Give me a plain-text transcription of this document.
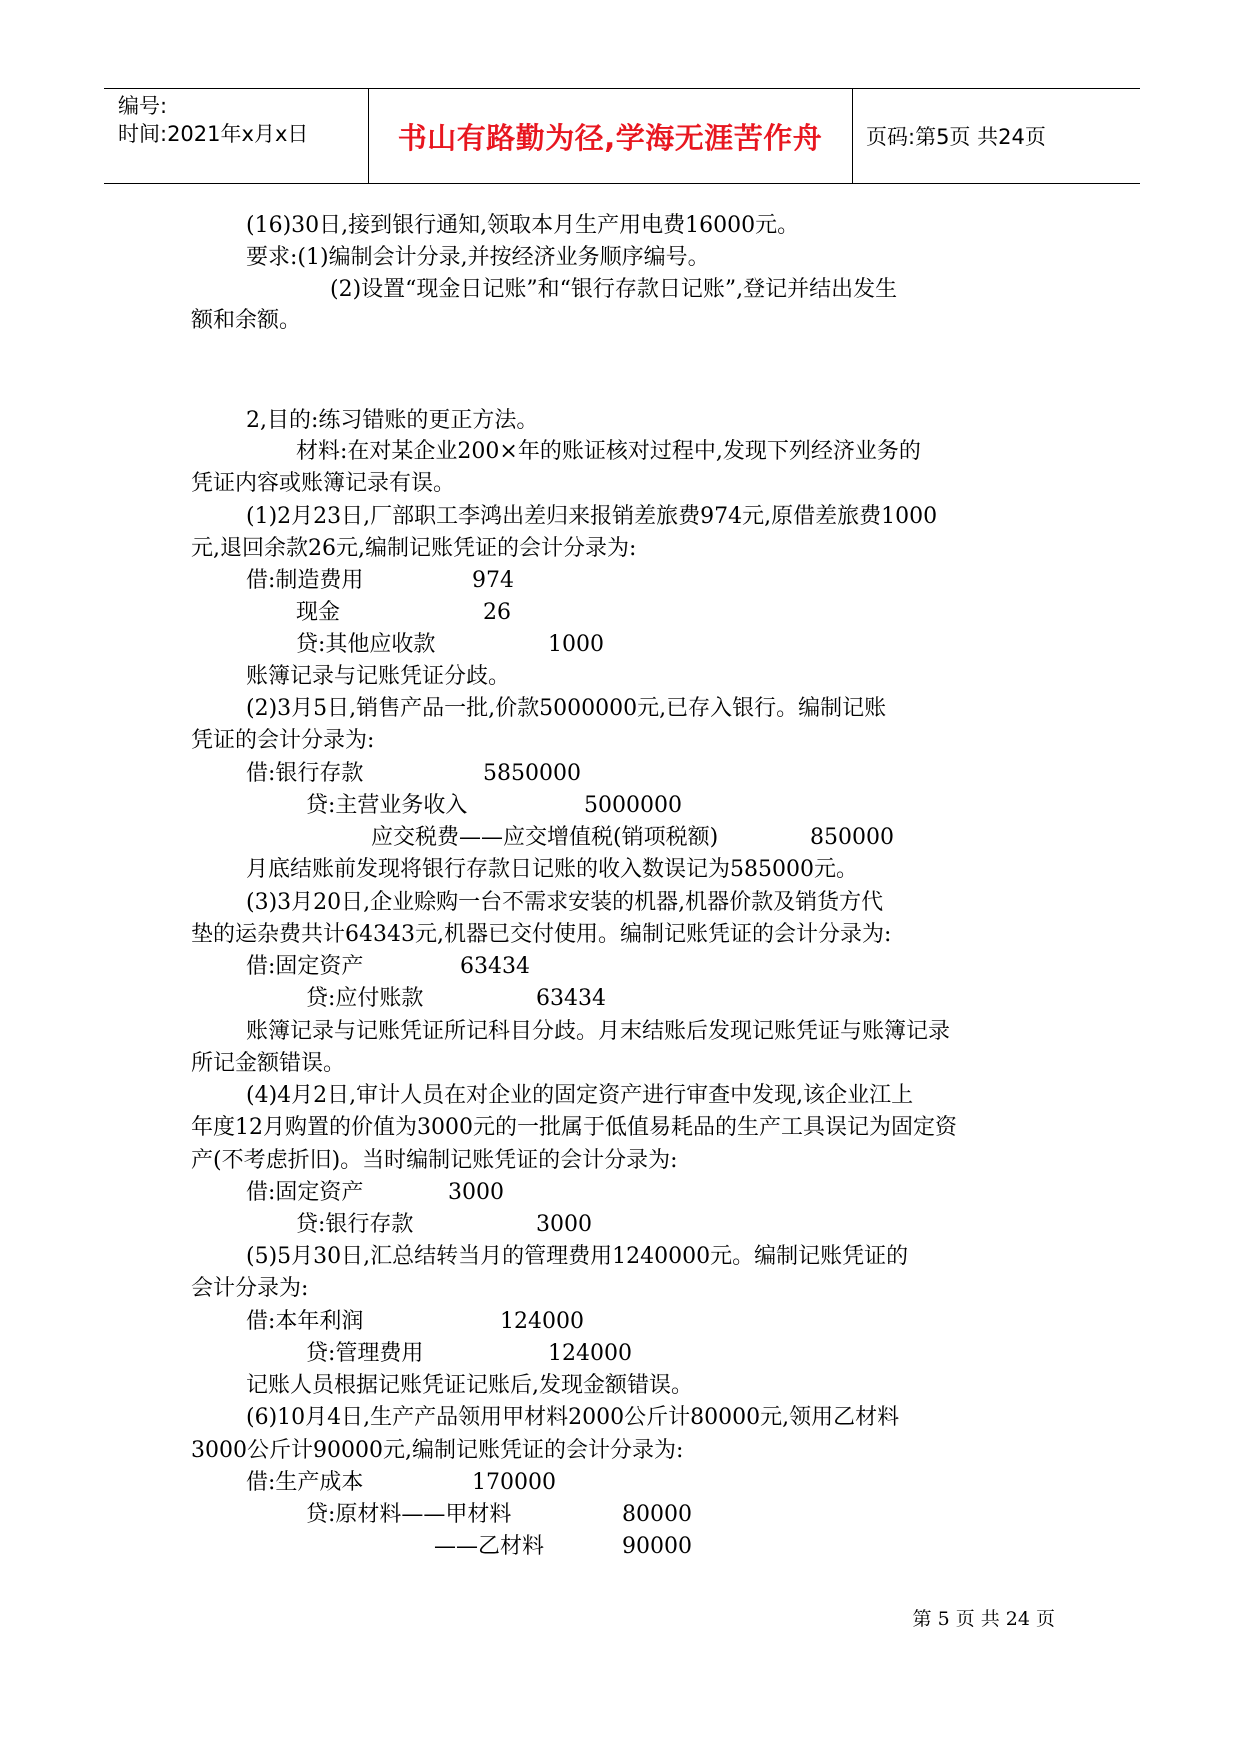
编号:
时间:2021年x月x日	书山有路勤为径,学海无涯苦作舟	页码:第5页 共24页
(16)30日,接到银行通知,领取本月生产用电费16000元。
要求:(1)编制会计分录,并按经济业务顺序编号。
(2)设置“现金日记账”和“银行存款日记账”,登记并结出发生
额和余额。
2,目的:练习错账的更正方法。
材料:在对某企业200×年的账证核对过程中,发现下列经济业务的
凭证内容或账簿记录有误。
(1)2月23日,厂部职工李鸿出差归来报销差旅费974元,原借差旅费1000
元,退回余款26元,编制记账凭证的会计分录为:
借:制造费用	974
现金	26
贷:其他应收款	1000
账簿记录与记账凭证分歧。
(2)3月5日,销售产品一批,价款5000000元,已存入银行。编制记账
凭证的会计分录为:
借:银行存款	5850000
贷:主营业务收入	5000000
应交税费——应交增值税(销项税额)	850000
月底结账前发现将银行存款日记账的收入数误记为585000元。
(3)3月20日,企业赊购一台不需求安装的机器,机器价款及销货方代
垫的运杂费共计64343元,机器已交付使用。编制记账凭证的会计分录为:
借:固定资产	63434
贷:应付账款	63434
账簿记录与记账凭证所记科目分歧。月末结账后发现记账凭证与账簿记录
所记金额错误。
(4)4月2日,审计人员在对企业的固定资产进行审查中发现,该企业江上
年度12月购置的价值为3000元的一批属于低值易耗品的生产工具误记为固定资
产(不考虑折旧)。当时编制记账凭证的会计分录为:
借:固定资产	3000
贷:银行存款	3000
(5)5月30日,汇总结转当月的管理费用1240000元。编制记账凭证的
会计分录为:
借:本年利润	124000
贷:管理费用	124000
记账人员根据记账凭证记账后,发现金额错误。
(6)10月4日,生产产品领用甲材料2000公斤计80000元,领用乙材料
3000公斤计90000元,编制记账凭证的会计分录为:
借:生产成本	170000
贷:原材料——甲材料	80000
——乙材料	90000
第 5 页 共 24 页
